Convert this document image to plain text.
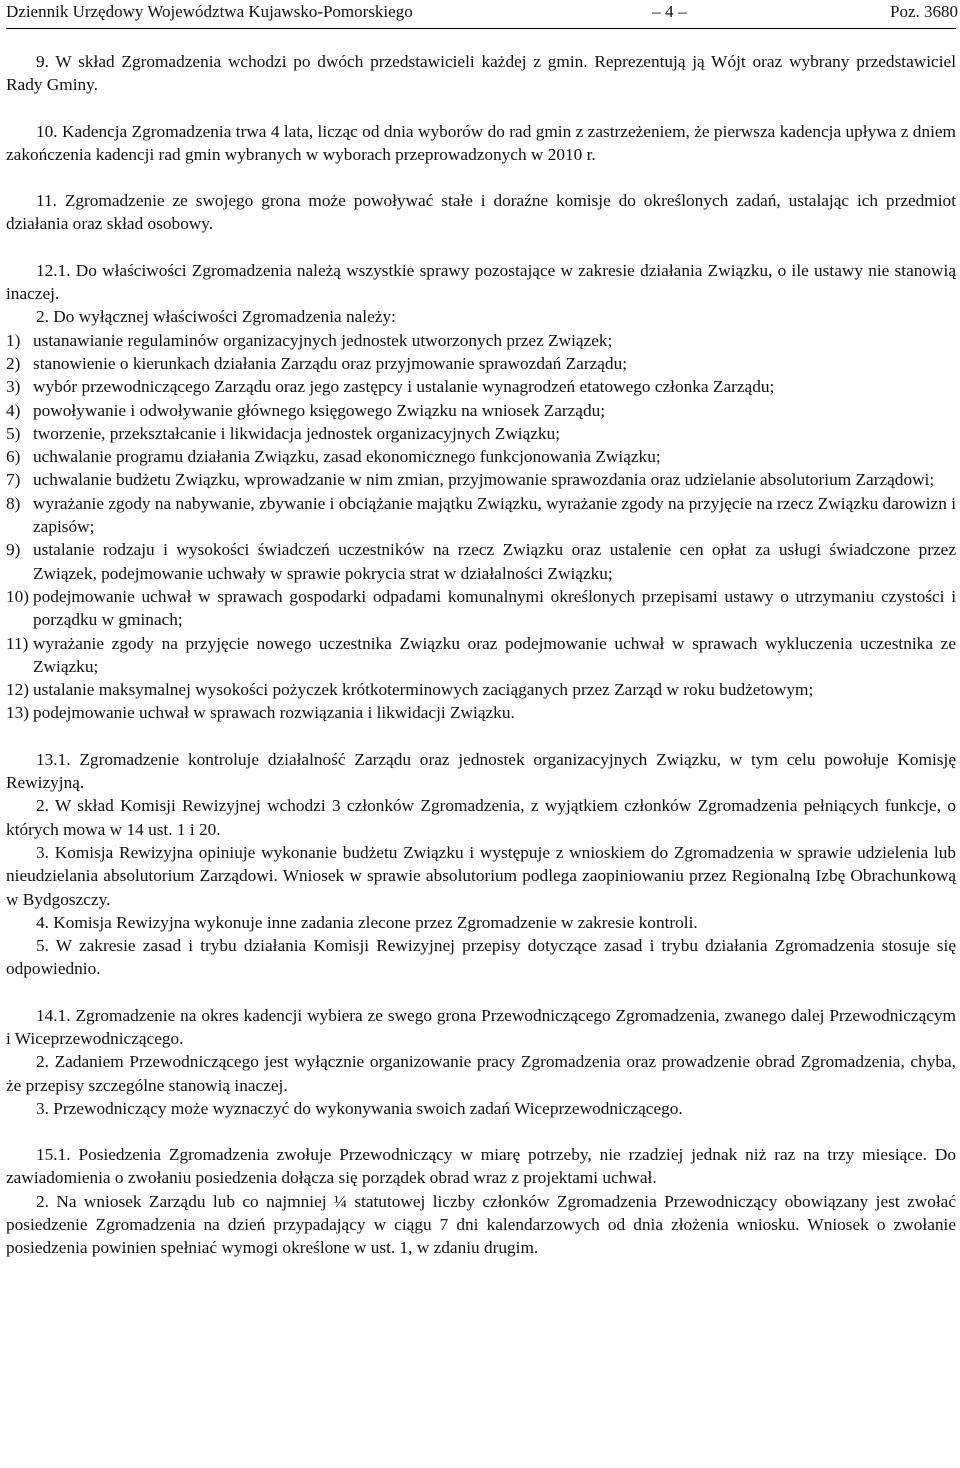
Dziennik Urzędowy Województwa Kujawsko-Pomorskiego	– 4 –	Poz. 3680

9. W skład Zgromadzenia wchodzi po dwóch przedstawicieli każdej z gmin. Reprezentują ją Wójt oraz wybrany przedstawiciel Rady Gminy.

10. Kadencja Zgromadzenia trwa 4 lata, licząc od dnia wyborów do rad gmin z zastrzeżeniem, że pierwsza kadencja upływa z dniem zakończenia kadencji rad gmin wybranych w wyborach przeprowadzonych w 2010 r.

11. Zgromadzenie ze swojego grona może powoływać stałe i doraźne komisje do określonych zadań, ustalając ich przedmiot działania oraz skład osobowy.

12.1. Do właściwości Zgromadzenia należą wszystkie sprawy pozostające w zakresie działania Związku, o ile ustawy nie stanowią inaczej.

2. Do wyłącznej właściwości Zgromadzenia należy:

1) ustanawianie regulaminów organizacyjnych jednostek utworzonych przez Związek;
2) stanowienie o kierunkach działania Zarządu oraz przyjmowanie sprawozdań Zarządu;
3) wybór przewodniczącego Zarządu oraz jego zastępcy i ustalanie wynagrodzeń etatowego członka Zarządu;
4) powoływanie i odwoływanie głównego księgowego Związku na wniosek Zarządu;
5) tworzenie, przekształcanie i likwidacja jednostek organizacyjnych Związku;
6) uchwalanie programu działania Związku, zasad ekonomicznego funkcjonowania Związku;
7) uchwalanie budżetu Związku, wprowadzanie w nim zmian, przyjmowanie sprawozdania oraz udzielanie absolutorium Zarządowi;
8) wyrażanie zgody na nabywanie, zbywanie i obciążanie majątku Związku, wyrażanie zgody na przyjęcie na rzecz Związku darowizn i zapisów;
9) ustalanie rodzaju i wysokości świadczeń uczestników na rzecz Związku oraz ustalenie cen opłat za usługi świadczone przez Związek, podejmowanie uchwały w sprawie pokrycia strat w działalności Związku;
10) podejmowanie uchwał w sprawach gospodarki odpadami komunalnymi określonych przepisami ustawy o utrzymaniu czystości i porządku w gminach;
11) wyrażanie zgody na przyjęcie nowego uczestnika Związku oraz podejmowanie uchwał w sprawach wykluczenia uczestnika ze Związku;
12) ustalanie maksymalnej wysokości pożyczek krótkoterminowych zaciąganych przez Zarząd w roku budżetowym;
13) podejmowanie uchwał w sprawach rozwiązania i likwidacji Związku.

13.1. Zgromadzenie kontroluje działalność Zarządu oraz jednostek organizacyjnych Związku, w tym celu powołuje Komisję Rewizyjną.

2. W skład Komisji Rewizyjnej wchodzi 3 członków Zgromadzenia, z wyjątkiem członków Zgromadzenia pełniących funkcje, o których mowa w 14 ust. 1 i 20.

3. Komisja Rewizyjna opiniuje wykonanie budżetu Związku i występuje z wnioskiem do Zgromadzenia w sprawie udzielenia lub nieudzielania absolutorium Zarządowi. Wniosek w sprawie absolutorium podlega zaopiniowaniu przez Regionalną Izbę Obrachunkową w Bydgoszczy.

4. Komisja Rewizyjna wykonuje inne zadania zlecone przez Zgromadzenie w zakresie kontroli.

5. W zakresie zasad i trybu działania Komisji Rewizyjnej przepisy dotyczące zasad i trybu działania Zgromadzenia stosuje się odpowiednio.

14.1. Zgromadzenie na okres kadencji wybiera ze swego grona Przewodniczącego Zgromadzenia, zwanego dalej Przewodniczącym i Wiceprzewodniczącego.

2. Zadaniem Przewodniczącego jest wyłącznie organizowanie pracy Zgromadzenia oraz prowadzenie obrad Zgromadzenia, chyba, że przepisy szczególne stanowią inaczej.

3. Przewodniczący może wyznaczyć do wykonywania swoich zadań Wiceprzewodniczącego.

15.1. Posiedzenia Zgromadzenia zwołuje Przewodniczący w miarę potrzeby, nie rzadziej jednak niż raz na trzy miesiące. Do zawiadomienia o zwołaniu posiedzenia dołącza się porządek obrad wraz z projektami uchwał.

2. Na wniosek Zarządu lub co najmniej ¼ statutowej liczby członków Zgromadzenia Przewodniczący obowiązany jest zwołać posiedzenie Zgromadzenia na dzień przypadający w ciągu 7 dni kalendarzowych od dnia złożenia wniosku. Wniosek o zwołanie posiedzenia powinien spełniać wymogi określone w ust. 1, w zdaniu drugim.
